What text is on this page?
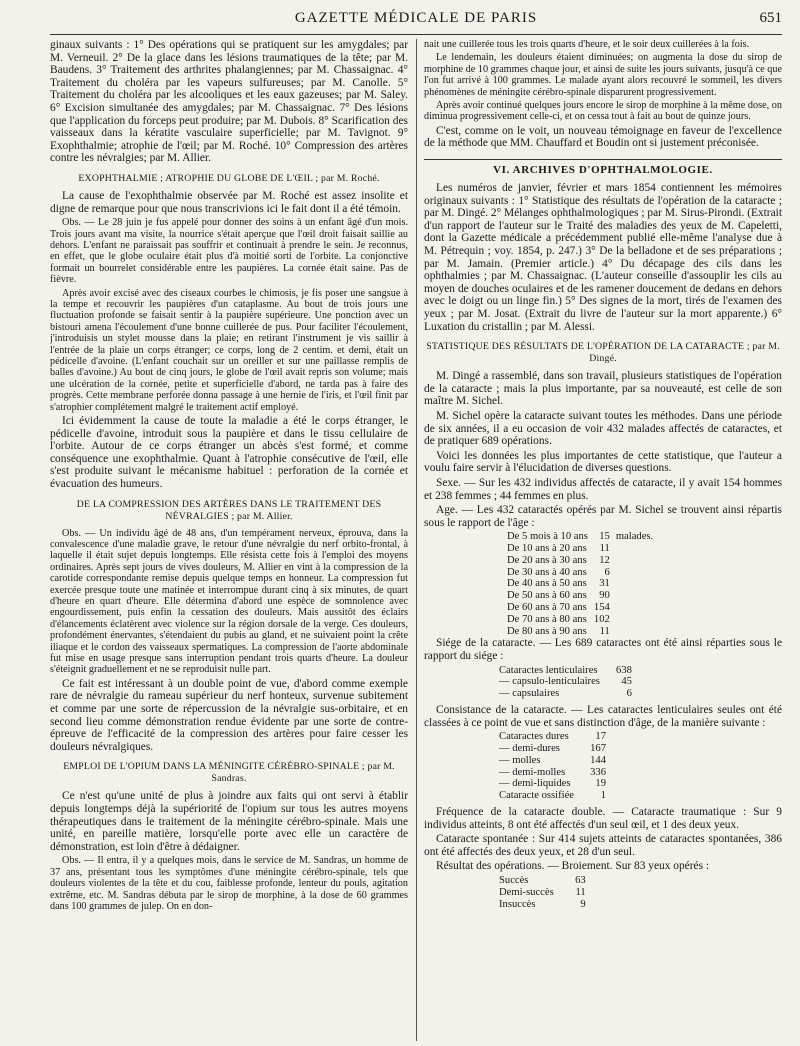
GAZETTE MÉDICALE DE PARIS	651

ginaux suivants : 1° Des opérations qui se pratiquent sur les amygdales; par M. Verneuil. 2° De la glace dans les lésions traumatiques de la tête; par M. Baudens. 3° Traitement des arthrites phalangiennes; par M. Chassaignac. 4° Traitement du choléra par les vapeurs sulfureuses; par M. Canolle. 5° Traitement du choléra par les alcooliques et les eaux gazeuses; par M. Saley. 6° Excision simultanée des amygdales; par M. Chassaignac. 7° Des lésions que l'application du forceps peut produire; par M. Dubois. 8° Scarification des vaisseaux dans la kératite vasculaire superficielle; par M. Tavignot. 9° Exophthalmie; atrophie de l'œil; par M. Roché. 10° Compression des artères contre les névralgies; par M. Allier.

EXOPHTHALMIE ; ATROPHIE DU GLOBE DE L'ŒIL ; par M. Roché.

La cause de l'exophthalmie observée par M. Roché est assez insolite et digne de remarque pour que nous transcrivions ici le fait dont il a été témoin.

Obs. — Le 28 juin je fus appelé pour donner des soins à un enfant âgé d'un mois. Trois jours avant ma visite, la nourrice s'était aperçue que l'œil droit faisait saillie au dehors. L'enfant ne paraissait pas souffrir et continuait à prendre le sein. Je reconnus, en effet, que le globe oculaire était plus d'à moitié sorti de l'orbite. La conjonctive formait un bourrelet considérable entre les paupières. La cornée était saine. Pas de fièvre.

Après avoir excisé avec des ciseaux courbes le chimosis, je fis poser une sangsue à la tempe et recouvrir les paupières d'un cataplasme. Au bout de trois jours une fluctuation profonde se faisait sentir à la paupière supérieure. Une ponction avec un bistouri amena l'écoulement d'une bonne cuillerée de pus. Pour faciliter l'écoulement, j'introduisis un stylet mousse dans la plaie; en retirant l'instrument je vis saillir à l'entrée de la plaie un corps étranger; ce corps, long de 2 centim. et demi, était un pédicelle d'avoine. (L'enfant couchait sur un oreiller et sur une paillasse remplis de balles d'avoine.) Au bout de cinq jours, le globe de l'œil avait repris son volume; mais une ulcération de la cornée, petite et superficielle d'abord, ne tarda pas à faire des progrès. Cette membrane perforée donna passage à une hernie de l'iris, et l'œil finit par s'atrophier complétement malgré le traitement actif employé.

Ici évidemment la cause de toute la maladie a été le corps étranger, le pédicelle d'avoine, introduit sous la paupière et dans le tissu cellulaire de l'orbite. Autour de ce corps étranger un abcès s'est formé, et comme conséquence une exophthalmie. Quant à l'atrophie consécutive de l'œil, elle s'est produite suivant le mécanisme habituel : perforation de la cornée et évacuation des humeurs.

DE LA COMPRESSION DES ARTÈRES DANS LE TRAITEMENT DES NÉVRALGIES ; par M. Allier.

Obs. — Un individu âgé de 48 ans, d'un tempérament nerveux, éprouva, dans la convalescence d'une maladie grave, le retour d'une névralgie du nerf orbito-frontal, à laquelle il était sujet depuis longtemps. Elle résista cette fois à l'emploi des moyens ordinaires. Après sept jours de vives douleurs, M. Allier en vint à la compression de la carotide correspondante remise depuis quelque temps en honneur. La compression fut exercée presque toute une matinée et interrompue durant cinq à six minutes, de quart d'heure en quart d'heure. Elle détermina d'abord une espèce de somnolence avec engourdissement, puis enfin la cessation des douleurs. Mais aussitôt des éclairs d'élancements éclatèrent avec violence sur la région dorsale de la verge. Ces douleurs, profondément énervantes, s'étendaient du pubis au gland, et ne suivaient point la crête iliaque et le cordon des vaisseaux spermatiques. La compression de l'aorte abdominale fut mise en usage presque sans interruption pendant trois quarts d'heure. La douleur s'éteignit graduellement et ne se reproduisit nulle part.

Ce fait est intéressant à un double point de vue, d'abord comme exemple rare de névralgie du rameau supérieur du nerf honteux, survenue subitement et comme par une sorte de répercussion de la névralgie sus-orbitaire, et en second lieu comme démonstration rendue évidente par une sorte de contre-épreuve de l'efficacité de la compression des artères pour faire cesser les douleurs névralgiques.

EMPLOI DE L'OPIUM DANS LA MÉNINGITE CÉRÉBRO-SPINALE ; par M. Sandras.

Ce n'est qu'une unité de plus à joindre aux faits qui ont servi à établir depuis longtemps déjà la supériorité de l'opium sur tous les autres moyens thérapeutiques dans le traitement de la méningite cérébro-spinale. Mais une unité, en pareille matière, lorsqu'elle porte avec elle un caractère de démonstration, est loin d'être à dédaigner.

Obs. — Il entra, il y a quelques mois, dans le service de M. Sandras, un homme de 37 ans, présentant tous les symptômes d'une méningite cérébro-spinale, tels que douleurs violentes de la tête et du cou, faiblesse profonde, lenteur du pouls, agitation extrême, etc. M. Sandras débuta par le sirop de morphine, à la dose de 60 grammes dans 100 grammes de julep. On en don-

nait une cuillerée tous les trois quarts d'heure, et le soir deux cuillerées à la fois.

Le lendemain, les douleurs étaient diminuées; on augmenta la dose du sirop de morphine de 10 grammes chaque jour, et ainsi de suite les jours suivants, jusqu'à ce que l'on fut arrivé à 100 grammes. Le malade ayant alors recouvré le sommeil, les divers phénomènes de méningite cérébro-spinale disparurent progressivement.

Après avoir continué quelques jours encore le sirop de morphine à la même dose, on diminua progressivement celle-ci, et on cessa tout à fait au bout de quinze jours.

C'est, comme on le voit, un nouveau témoignage en faveur de l'excellence de la méthode que MM. Chauffard et Boudin ont si justement préconisée.

VI. ARCHIVES D'OPHTHALMOLOGIE.

Les numéros de janvier, février et mars 1854 contiennent les mémoires originaux suivants : 1° Statistique des résultats de l'opération de la cataracte ; par M. Dingé. 2° Mélanges ophthalmologiques ; par M. Sirus-Pirondi. (Extrait d'un rapport de l'auteur sur le Traité des maladies des yeux de M. Capeletti, dont la Gazette médicale a précédemment publié elle-même l'analyse due à M. Pétrequin ; voy. 1854, p. 247.) 3° De la belladone et de ses préparations ; par M. Jamain. (Premier article.) 4° Du décapage des cils dans les ophthalmies ; par M. Chassaignac. (L'auteur conseille d'assouplir les cils au moyen de douches oculaires et de les ramener doucement de dedans en dehors avec le doigt ou un linge fin.) 5° Des signes de la mort, tirés de l'examen des yeux ; par M. Josat. (Extrait du livre de l'auteur sur la mort apparente.) 6° Luxation du cristallin ; par M. Alessi.

STATISTIQUE DES RÉSULTATS DE L'OPÉRATION DE LA CATARACTE ; par M. Dingé.

M. Dingé a rassemblé, dans son travail, plusieurs statistiques de l'opération de la cataracte ; mais la plus importante, par sa nouveauté, est celle de son maître M. Sichel.

M. Sichel opère la cataracte suivant toutes les méthodes. Dans une période de six années, il a eu occasion de voir 432 malades affectés de cataractes, et de pratiquer 689 opérations.

Voici les données les plus importantes de cette statistique, que l'auteur a voulu faire servir à l'élucidation de diverses questions.

Sexe. — Sur les 432 individus affectés de cataracte, il y avait 154 hommes et 238 femmes ; 44 femmes en plus.

Age. — Les 432 cataractés opérés par M. Sichel se trouvent ainsi répartis sous le rapport de l'âge :

De 5 mois à 10 ans	15	malades.
De 10 ans à 20 ans	11	
De 20 ans à 30 ans	12	
De 30 ans à 40 ans	6	
De 40 ans à 50 ans	31	
De 50 ans à 60 ans	90	
De 60 ans à 70 ans	154	
De 70 ans à 80 ans	102	
De 80 ans à 90 ans	11	

Siége de la cataracte. — Les 689 cataractes ont été ainsi réparties sous le rapport du siége :

Cataractes lenticulaires	638
— capsulo-lenticulaires	45
— capsulaires	6

Consistance de la cataracte. — Les cataractes lenticulaires seules ont été classées à ce point de vue et sans distinction d'âge, de la manière suivante :

Cataractes dures	17
— demi-dures	167
— molles	144
— demi-molles	336
— demi-liquides	19
Cataracte ossifiée	1

Fréquence de la cataracte double. — Cataracte traumatique : Sur 9 individus atteints, 8 ont été affectés d'un seul œil, et 1 des deux yeux.

Cataracte spontanée : Sur 414 sujets atteints de cataractes spontanées, 386 ont été affectés des deux yeux, et 28 d'un seul.

Résultat des opérations. — Broiement. Sur 83 yeux opérés :

Succès	63
Demi-succès	11
Insuccès	9
